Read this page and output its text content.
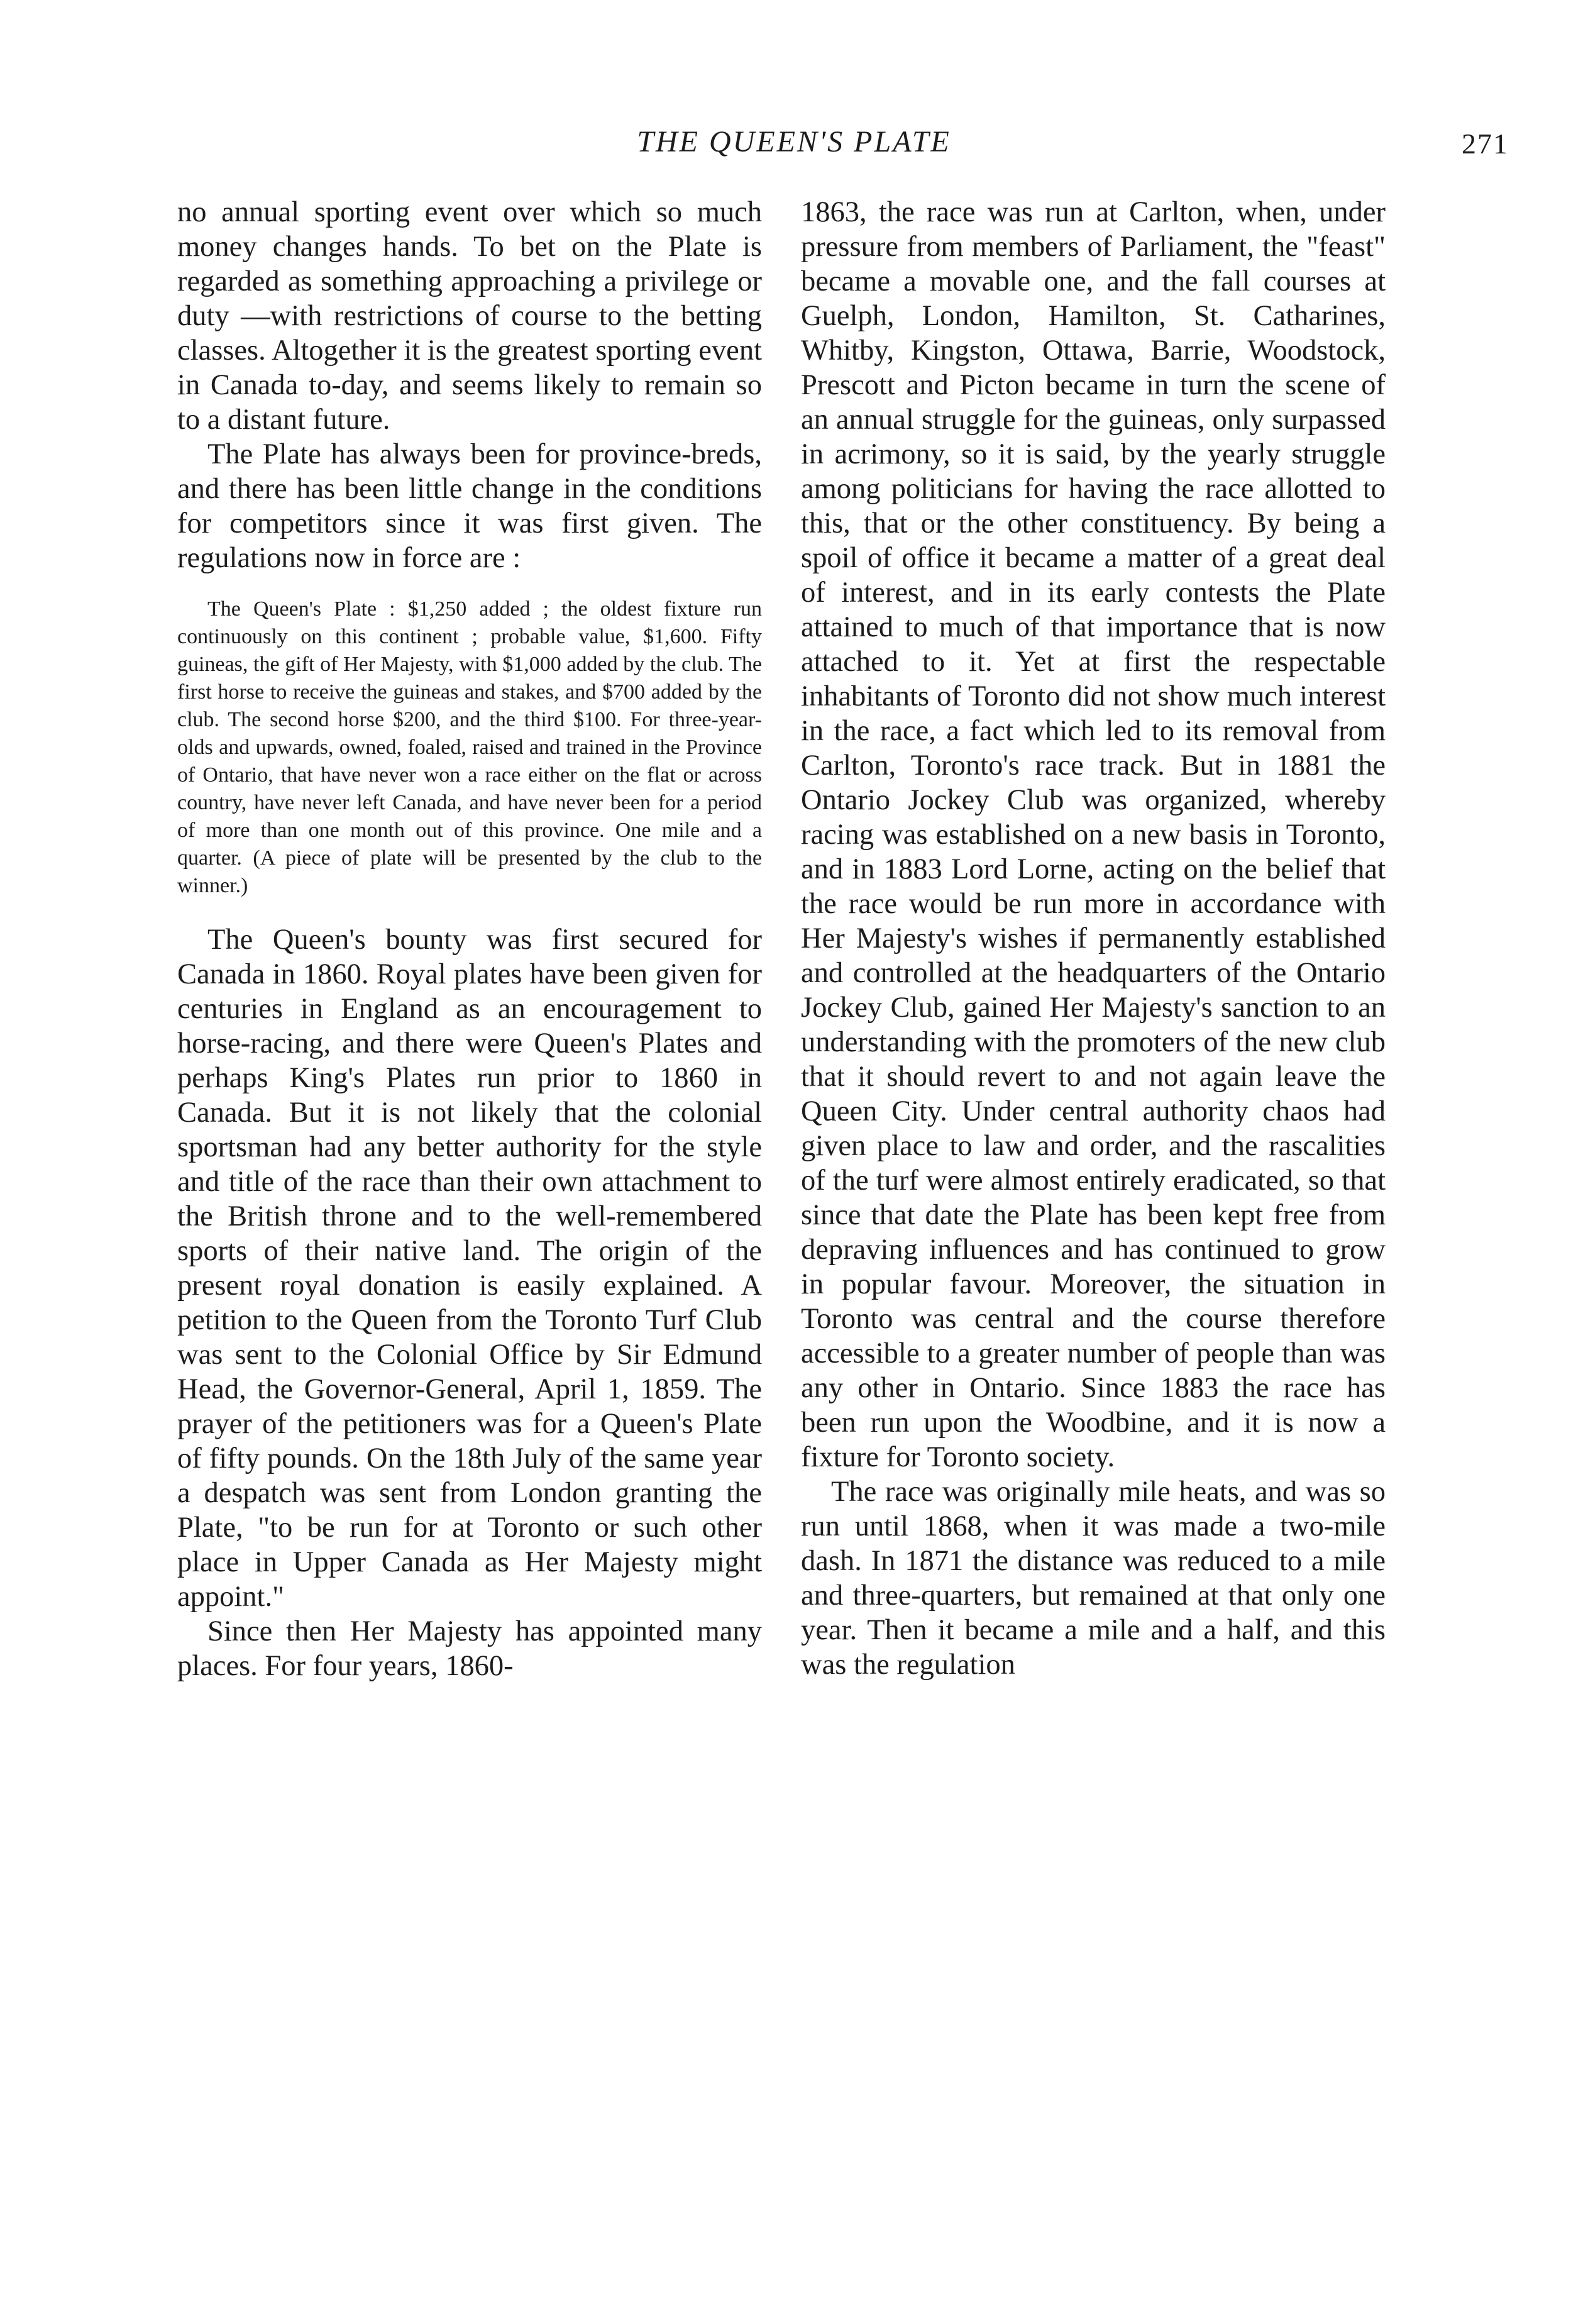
THE QUEEN'S PLATE	271

no annual sporting event over which so much money changes hands. To bet on the Plate is regarded as something approaching a privilege or duty —with restrictions of course to the betting classes. Altogether it is the greatest sporting event in Canada to-day, and seems likely to remain so to a distant future.

The Plate has always been for province-breds, and there has been little change in the conditions for competitors since it was first given. The regulations now in force are :

The Queen's Plate : $1,250 added ; the oldest fixture run continuously on this continent ; probable value, $1,600. Fifty guineas, the gift of Her Majesty, with $1,000 added by the club. The first horse to receive the guineas and stakes, and $700 added by the club. The second horse $200, and the third $100. For three-year-olds and upwards, owned, foaled, raised and trained in the Province of Ontario, that have never won a race either on the flat or across country, have never left Canada, and have never been for a period of more than one month out of this province. One mile and a quarter. (A piece of plate will be presented by the club to the winner.)

The Queen's bounty was first secured for Canada in 1860. Royal plates have been given for centuries in England as an encouragement to horse-racing, and there were Queen's Plates and perhaps King's Plates run prior to 1860 in Canada. But it is not likely that the colonial sportsman had any better authority for the style and title of the race than their own attachment to the British throne and to the well-remembered sports of their native land. The origin of the present royal donation is easily explained. A petition to the Queen from the Toronto Turf Club was sent to the Colonial Office by Sir Edmund Head, the Governor-General, April 1, 1859. The prayer of the petitioners was for a Queen's Plate of fifty pounds. On the 18th July of the same year a despatch was sent from London granting the Plate, "to be run for at Toronto or such other place in Upper Canada as Her Majesty might appoint."

Since then Her Majesty has appointed many places. For four years, 1860-

1863, the race was run at Carlton, when, under pressure from members of Parliament, the "feast" became a movable one, and the fall courses at Guelph, London, Hamilton, St. Catharines, Whitby, Kingston, Ottawa, Barrie, Woodstock, Prescott and Picton became in turn the scene of an annual struggle for the guineas, only surpassed in acrimony, so it is said, by the yearly struggle among politicians for having the race allotted to this, that or the other constituency. By being a spoil of office it became a matter of a great deal of interest, and in its early contests the Plate attained to much of that importance that is now attached to it. Yet at first the respectable inhabitants of Toronto did not show much interest in the race, a fact which led to its removal from Carlton, Toronto's race track. But in 1881 the Ontario Jockey Club was organized, whereby racing was established on a new basis in Toronto, and in 1883 Lord Lorne, acting on the belief that the race would be run more in accordance with Her Majesty's wishes if permanently established and controlled at the headquarters of the Ontario Jockey Club, gained Her Majesty's sanction to an understanding with the promoters of the new club that it should revert to and not again leave the Queen City. Under central authority chaos had given place to law and order, and the rascalities of the turf were almost entirely eradicated, so that since that date the Plate has been kept free from depraving influences and has continued to grow in popular favour. Moreover, the situation in Toronto was central and the course therefore accessible to a greater number of people than was any other in Ontario. Since 1883 the race has been run upon the Woodbine, and it is now a fixture for Toronto society.

The race was originally mile heats, and was so run until 1868, when it was made a two-mile dash. In 1871 the distance was reduced to a mile and three-quarters, but remained at that only one year. Then it became a mile and a half, and this was the regulation
